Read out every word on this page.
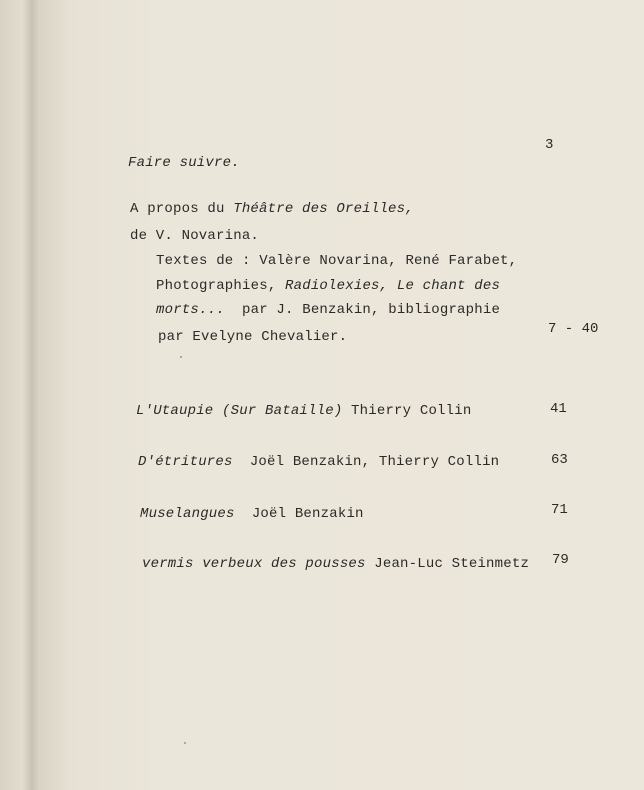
3
Faire suivre.
A propos du Théâtre des Oreilles,
de V. Novarina.
Textes de : Valère Novarina, René Farabet,
Photographies, Radiolexies, Le chant des
morts...  par J. Benzakin, bibliographie
par Evelyne Chevalier.	7 - 40
L'Utaupie (Sur Bataille) Thierry Collin	41
D'étritures  Joël Benzakin, Thierry Collin	63
Muselangues  Joël Benzakin	71
vermis verbeux des pousses Jean-Luc Steinmetz 79
